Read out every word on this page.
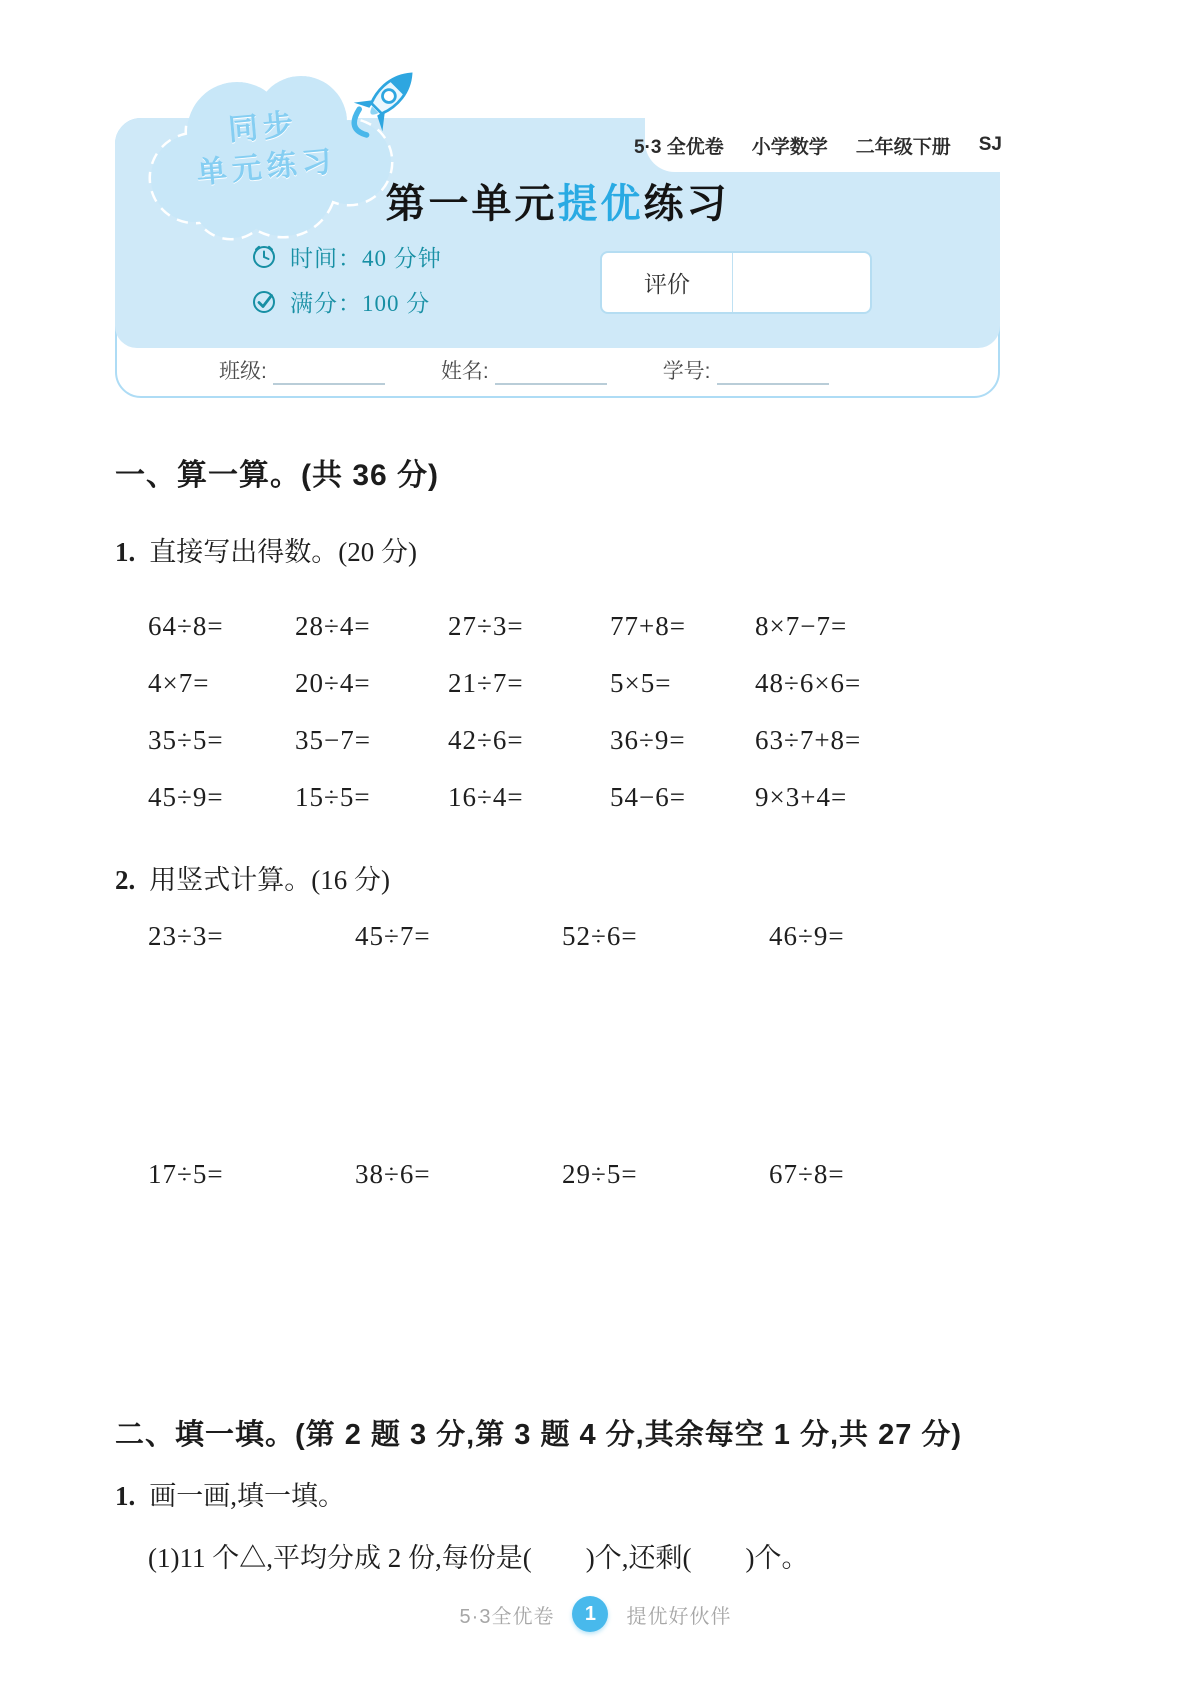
5·3 全优卷 小学数学 二年级下册 SJ
第一单元提优练习
时间：40 分钟
满分：100 分
评价
班级:	姓名:	学号:
同步
单元练习
一、算一算。(共 36 分)
1. 直接写出得数。(20 分)
64÷8=	28÷4=	27÷3=	77+8=	8×7−7=
4×7=	20÷4=	21÷7=	5×5=	48÷6×6=
35÷5=	35−7=	42÷6=	36÷9=	63÷7+8=
45÷9=	15÷5=	16÷4=	54−6=	9×3+4=
2. 用竖式计算。(16 分)
23÷3=	45÷7=	52÷6=	46÷9=
17÷5=	38÷6=	29÷5=	67÷8=
二、填一填。(第 2 题 3 分,第 3 题 4 分,其余每空 1 分,共 27 分)
1. 画一画,填一填。
(1)11 个△,平均分成 2 份,每份是(　　)个,还剩(　　)个。
5·3全优卷	1	提优好伙伴
